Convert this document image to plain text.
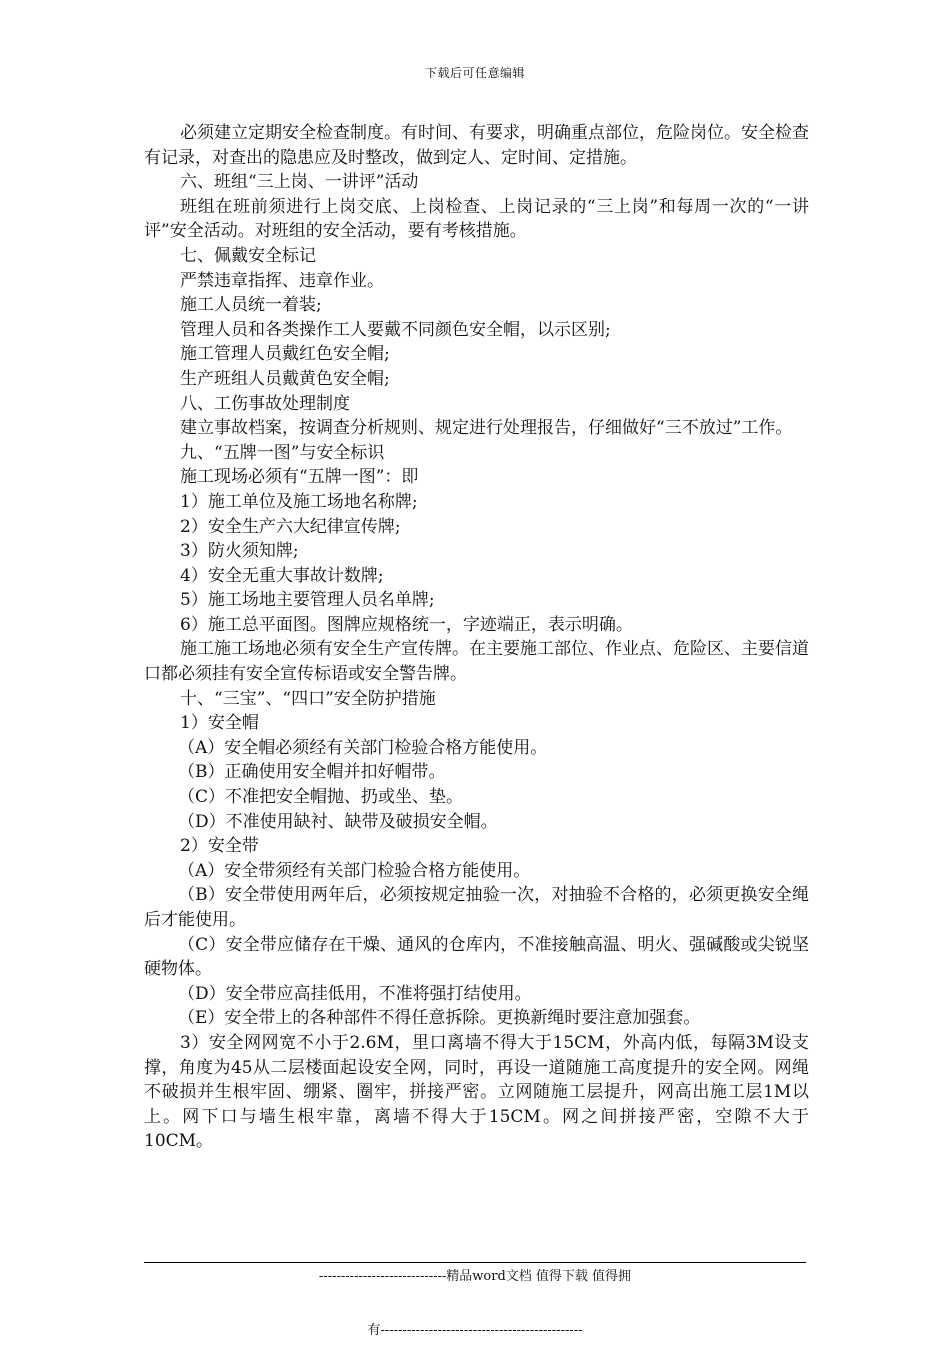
下载后可任意编辑

必须建立定期安全检查制度。有时间、有要求，明确重点部位，危险岗位。安全检查有记录，对查出的隐患应及时整改，做到定人、定时间、定措施。

六、班组“三上岗、一讲评”活动

班组在班前须进行上岗交底、上岗检查、上岗记录的“三上岗”和每周一次的“一讲评”安全活动。对班组的安全活动，要有考核措施。

七、佩戴安全标记

严禁违章指挥、违章作业。

施工人员统一着装;

管理人员和各类操作工人要戴不同颜色安全帽，以示区别;

施工管理人员戴红色安全帽;

生产班组人员戴黄色安全帽;

八、工伤事故处理制度

建立事故档案，按调查分析规则、规定进行处理报告，仔细做好“三不放过”工作。

九、“五牌一图”与安全标识

施工现场必须有“五牌一图”：即

1）施工单位及施工场地名称牌;

2）安全生产六大纪律宣传牌;

3）防火须知牌;

4）安全无重大事故计数牌;

5）施工场地主要管理人员名单牌;

6）施工总平面图。图牌应规格统一，字迹端正，表示明确。

施工施工场地必须有安全生产宣传牌。在主要施工部位、作业点、危险区、主要信道口都必须挂有安全宣传标语或安全警告牌。

十、“三宝”、“四口”安全防护措施

1）安全帽

（A）安全帽必须经有关部门检验合格方能使用。

（B）正确使用安全帽并扣好帽带。

（C）不准把安全帽抛、扔或坐、垫。

（D）不准使用缺衬、缺带及破损安全帽。

2）安全带

（A）安全带须经有关部门检验合格方能使用。

（B）安全带使用两年后，必须按规定抽验一次，对抽验不合格的，必须更换安全绳后才能使用。

（C）安全带应储存在干燥、通风的仓库内，不准接触高温、明火、强碱酸或尖锐坚硬物体。

（D）安全带应高挂低用，不准将强打结使用。

（E）安全带上的各种部件不得任意拆除。更换新绳时要注意加强套。

3）安全网网宽不小于2.6M，里口离墙不得大于15CM，外高内低，每隔3M设支撑，角度为45从二层楼面起设安全网，同时，再设一道随施工高度提升的安全网。网绳不破损并生根牢固、绷紧、圈牢，拼接严密。立网随施工层提升，网高出施工层1M以上。网下口与墙生根牢靠，离墙不得大于15CM。网之间拼接严密，空隙不大于10CM。

-----------------------------精品word文档 值得下载 值得拥

有----------------------------------------------
